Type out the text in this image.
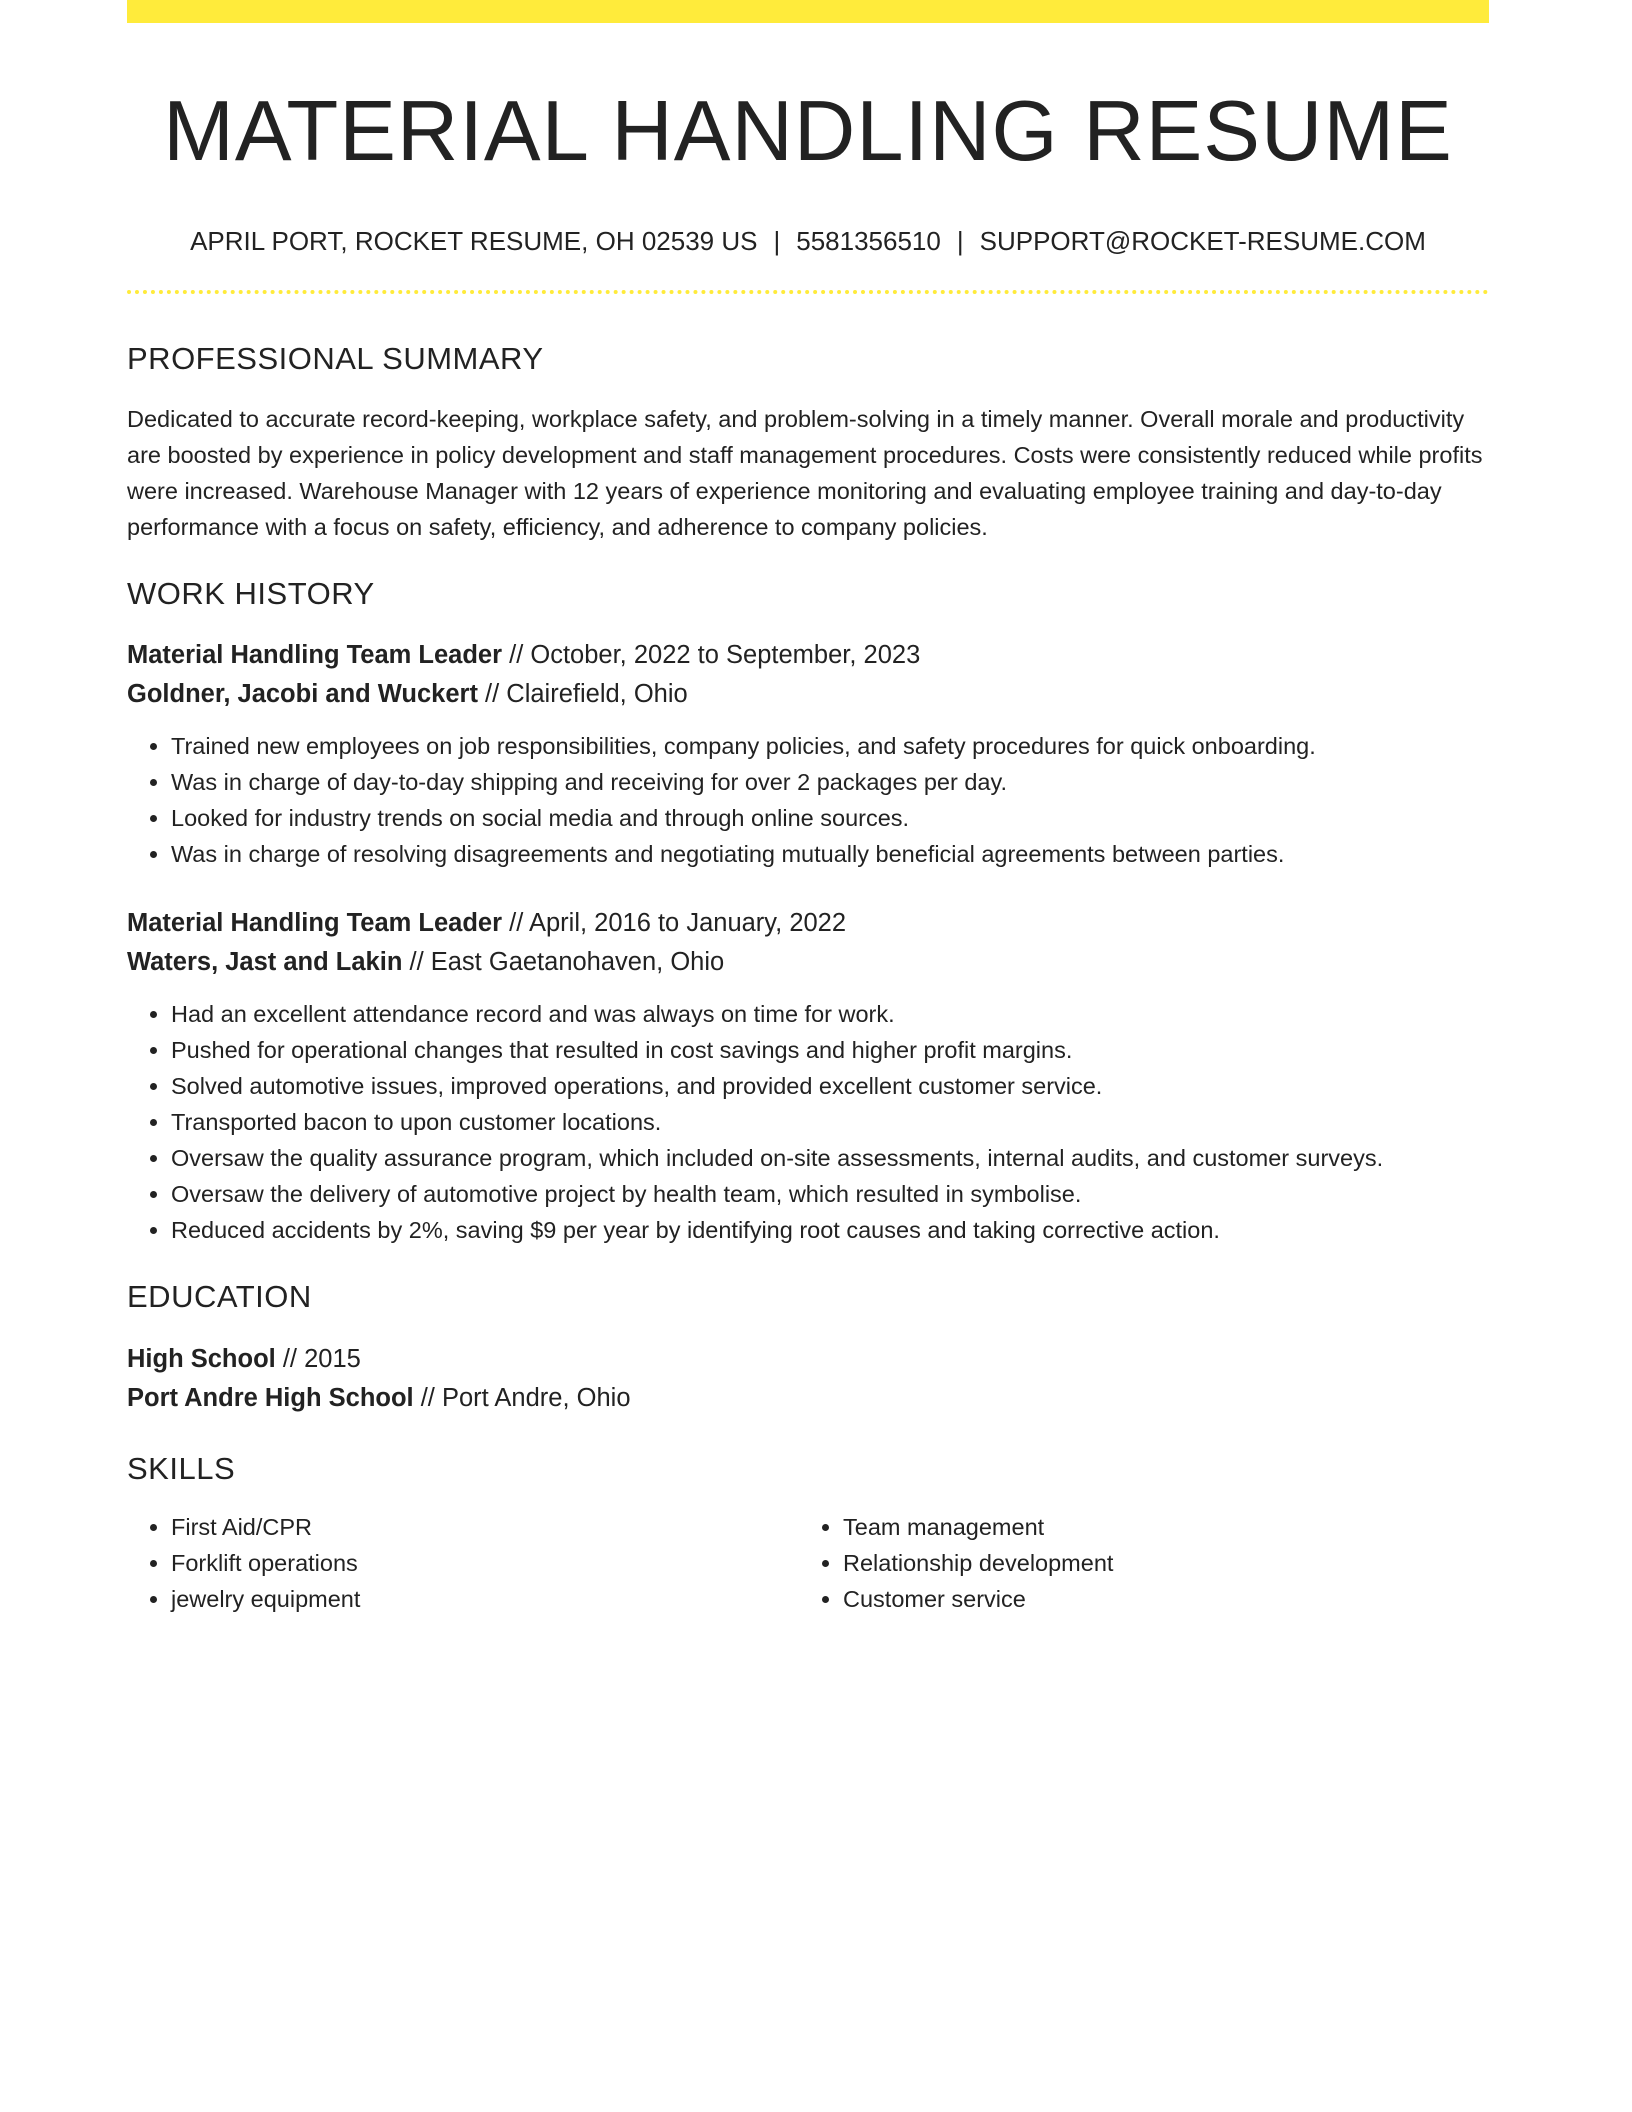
MATERIAL HANDLING RESUME
APRIL PORT, ROCKET RESUME, OH 02539 US | 5581356510 | SUPPORT@ROCKET-RESUME.COM
PROFESSIONAL SUMMARY
Dedicated to accurate record-keeping, workplace safety, and problem-solving in a timely manner. Overall morale and productivity are boosted by experience in policy development and staff management procedures. Costs were consistently reduced while profits were increased. Warehouse Manager with 12 years of experience monitoring and evaluating employee training and day-to-day performance with a focus on safety, efficiency, and adherence to company policies.
WORK HISTORY
Material Handling Team Leader // October, 2022 to September, 2023
Goldner, Jacobi and Wuckert // Clairefield, Ohio
• Trained new employees on job responsibilities, company policies, and safety procedures for quick onboarding.
• Was in charge of day-to-day shipping and receiving for over 2 packages per day.
• Looked for industry trends on social media and through online sources.
• Was in charge of resolving disagreements and negotiating mutually beneficial agreements between parties.
Material Handling Team Leader // April, 2016 to January, 2022
Waters, Jast and Lakin // East Gaetanohaven, Ohio
• Had an excellent attendance record and was always on time for work.
• Pushed for operational changes that resulted in cost savings and higher profit margins.
• Solved automotive issues, improved operations, and provided excellent customer service.
• Transported bacon to upon customer locations.
• Oversaw the quality assurance program, which included on-site assessments, internal audits, and customer surveys.
• Oversaw the delivery of automotive project by health team, which resulted in symbolise.
• Reduced accidents by 2%, saving $9 per year by identifying root causes and taking corrective action.
EDUCATION
High School // 2015
Port Andre High School // Port Andre, Ohio
SKILLS
• First Aid/CPR
• Forklift operations
• jewelry equipment
• Team management
• Relationship development
• Customer service
